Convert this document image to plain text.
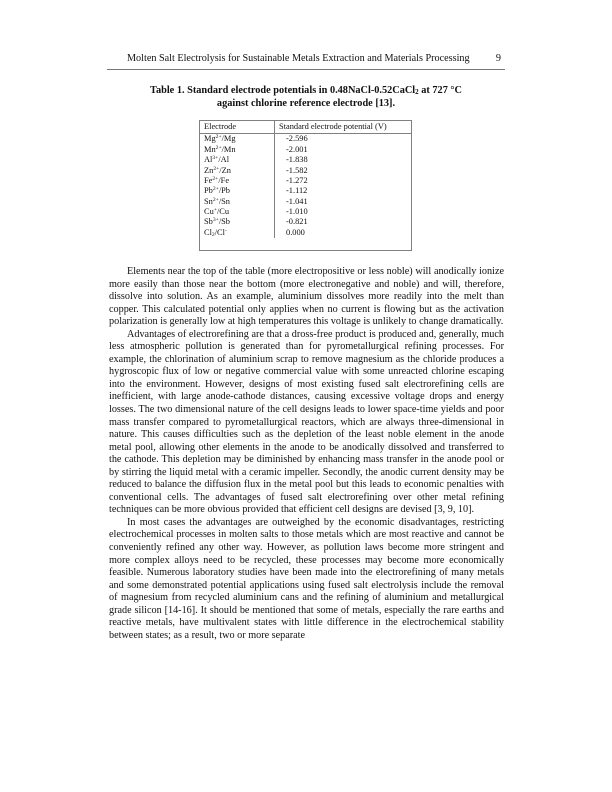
Molten Salt Electrolysis for Sustainable Metals Extraction and Materials Processing	9
Table 1. Standard electrode potentials in 0.48NaCl-0.52CaCl$_2$ at 727 °C
against chlorine reference electrode [13].
Electrode	Standard electrode potential (V)
$Mg^{2+}/Mg$	-2.596
$Mn^{2+}/Mn$	-2.001
$Al^{3+}/Al$	-1.838
$Zn^{2+}/Zn$	-1.582
$Fe^{2+}/Fe$	-1.272
$Pb^{2+}/Pb$	-1.112
$Sn^{2+}/Sn$	-1.041
Cu+/Cu	-1.010
$Sb^{3+}/Sb$	-0.821
$Cl_2/Cl^-$	0.000

Elements near the top of the table (more electropositive or less noble) will anodically ionize more easily than those near the bottom (more electronegative and noble) and will, therefore, dissolve into solution. As an example, aluminium dissolves more readily into the melt than copper. This calculated potential only applies when no current is flowing but as the activation polarization is generally low at high temperatures this voltage is unlikely to change dramatically.

Advantages of electrorefining are that a dross-free product is produced and, generally, much less atmospheric pollution is generated than for pyrometallurgical refining processes. For example, the chlorination of aluminium scrap to remove magnesium as the chloride produces a hygroscopic flux of low or negative commercial value with some unreacted chlorine escaping into the environment. However, designs of most existing fused salt electrorefining cells are inefficient, with large anode-cathode distances, causing excessive voltage drops and energy losses. The two dimensional nature of the cell designs leads to lower space-time yields and poor mass transfer compared to pyrometallurgical reactors, which are always three-dimensional in nature. This causes difficulties such as the depletion of the least noble element in the anode metal pool, allowing other elements in the anode to be anodically dissolved and transferred to the cathode. This depletion may be diminished by enhancing mass transfer in the anode pool or by stirring the liquid metal with a ceramic impeller. Secondly, the anodic current density may be reduced to balance the diffusion flux in the metal pool but this leads to economic penalties with conventional cells. The advantages of fused salt electrorefining over other metal refining techniques can be more obvious provided that efficient cell designs are devised [3, 9, 10].

In most cases the advantages are outweighed by the economic disadvantages, restricting electrochemical processes in molten salts to those metals which are most reactive and cannot be conveniently refined any other way. However, as pollution laws become more stringent and more complex alloys need to be recycled, these processes may become more economically feasible. Numerous laboratory studies have been made into the electrorefining of many metals and some demonstrated potential applications using fused salt electrolysis include the removal of magnesium from recycled aluminium cans and the refining of aluminium and metallurgical grade silicon [14-16]. It should be mentioned that some of metals, especially the rare earths and reactive metals, have multivalent states with little difference in the electrochemical stability between states; as a result, two or more separate
